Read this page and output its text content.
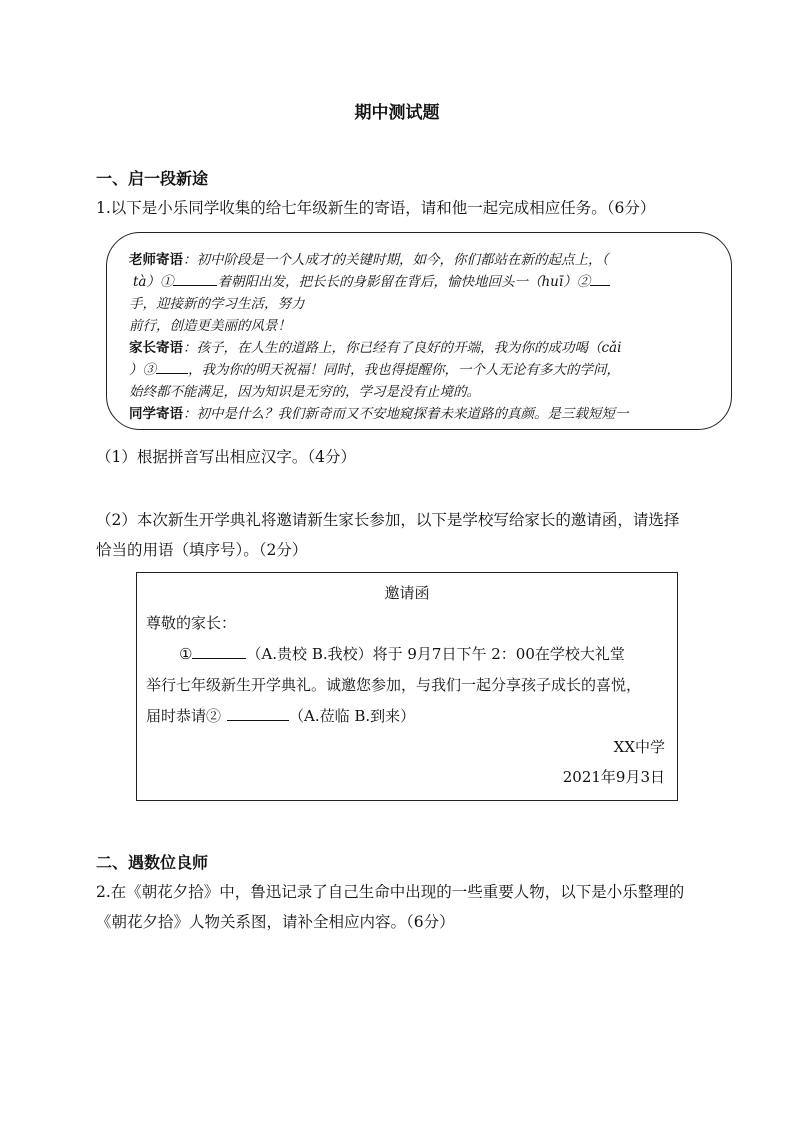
期中测试题
一、启一段新途
1.以下是小乐同学收集的给七年级新生的寄语，请和他一起完成相应任务。（6分）
老师寄语：初中阶段是一个人成才的关键时期，如今，你们都站在新的起点上，（
tà）①	着朝阳出发，把长长的身影留在背后，愉快地回头一（huī）②
手，迎接新的学习生活，努力
前行，创造更美丽的风景！
家长寄语：孩子，在人生的道路上，你已经有了良好的开端，我为你的成功喝（cǎi
）③ ，我为你的明天祝福！同时，我也得提醒你，一个人无论有多大的学问，
始终都不能满足，因为知识是无穷的，学习是没有止境的。
同学寄语：初中是什么？我们新奇而又不安地窥探着未来道路的真颜。是三载短短一
（1）根据拼音写出相应汉字。（4分）
（2）本次新生开学典礼将邀请新生家长参加，以下是学校写给家长的邀请函，请选择
恰当的用语（填序号）。（2分）
邀请函
尊敬的家长：
①	（A.贵校 B.我校）将于 9月7日下午 2：00在学校大礼堂
举行七年级新生开学典礼。诚邀您参加，与我们一起分享孩子成长的喜悦，
届时恭请②	（A.莅临 B.到来）
XX中学
2021年9月3日
二、遇数位良师
2.在《朝花夕拾》中，鲁迅记录了自己生命中出现的一些重要人物，以下是小乐整理的
《朝花夕拾》人物关系图，请补全相应内容。（6分）
